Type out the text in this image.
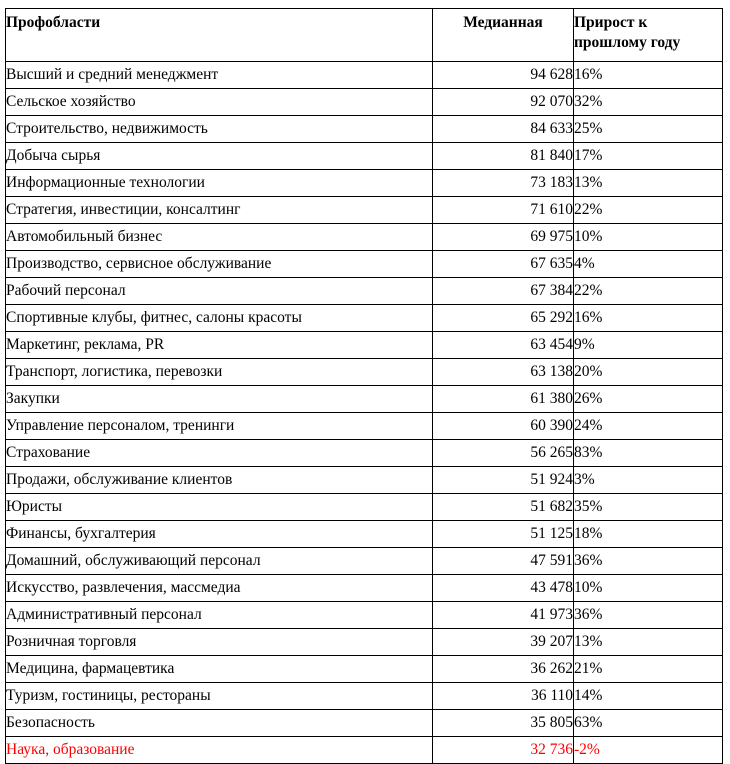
Профобласти	Медианная	Прирост к прошлому году
Высший и средний менеджмент	94 628	16%
Сельское хозяйство	92 070	32%
Строительство, недвижимость	84 633	25%
Добыча сырья	81 840	17%
Информационные технологии	73 183	13%
Стратегия, инвестиции, консалтинг	71 610	22%
Автомобильный бизнес	69 975	10%
Производство, сервисное обслуживание	67 635	4%
Рабочий персонал	67 384	22%
Спортивные клубы, фитнес, салоны красоты	65 292	16%
Маркетинг, реклама, PR	63 454	9%
Транспорт, логистика, перевозки	63 138	20%
Закупки	61 380	26%
Управление персоналом, тренинги	60 390	24%
Страхование	56 265	83%
Продажи, обслуживание клиентов	51 924	3%
Юристы	51 682	35%
Финансы, бухгалтерия	51 125	18%
Домашний, обслуживающий персонал	47 591	36%
Искусство, развлечения, массмедиа	43 478	10%
Административный персонал	41 973	36%
Розничная торговля	39 207	13%
Медицина, фармацевтика	36 262	21%
Туризм, гостиницы, рестораны	36 110	14%
Безопасность	35 805	63%
Наука, образование	32 736	-2%
